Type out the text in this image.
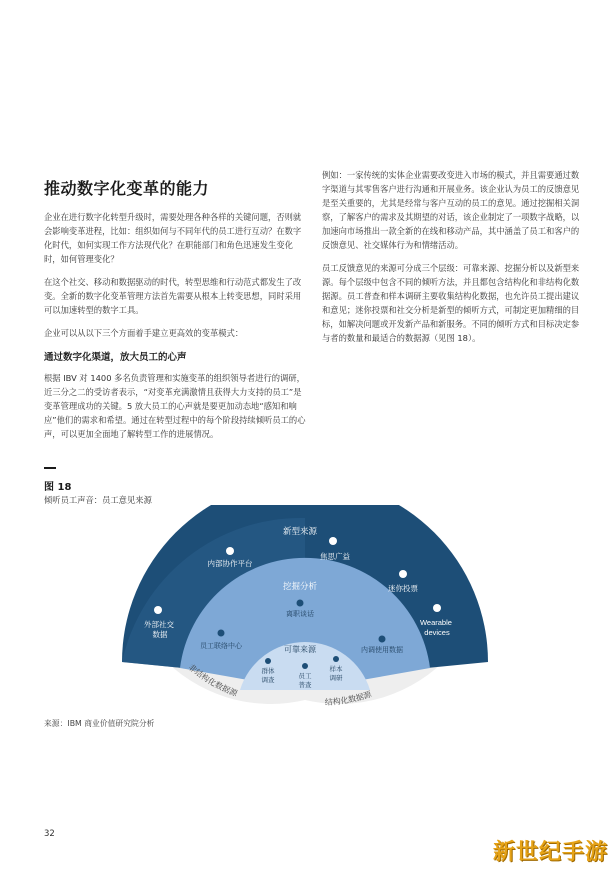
推动数字化变革的能力

企业在进行数字化转型升级时，需要处理各种各样的关键问题，否则就会影响变革进程，比如：组织如何与不同年代的员工进行互动？在数字化时代，如何实现工作方法现代化？在职能部门和角色迅速发生变化时，如何管理变化？

在这个社交、移动和数据驱动的时代，转型思维和行动范式都发生了改变。全新的数字化变革管理方法首先需要从根本上转变思想，同时采用可以加速转型的数字工具。

企业可以从以下三个方面着手建立更高效的变革模式：

通过数字化渠道，放大员工的心声

根据 IBV 对 1400 多名负责管理和实施变革的组织领导者进行的调研，近三分之二的受访者表示，“对变革充满激情且获得大力支持的员工”是变革管理成功的关键。5 放大员工的心声就是要更加动态地“感知和响应”他们的需求和希望。通过在转型过程中的每个阶段持续倾听员工的心声，可以更加全面地了解转型工作的进展情况。

例如：一家传统的实体企业需要改变进入市场的模式，并且需要通过数字渠道与其零售客户进行沟通和开展业务。该企业认为员工的反馈意见是至关重要的，尤其是经常与客户互动的员工的意见。通过挖掘相关洞察，了解客户的需求及其期望的对话，该企业制定了一项数字战略，以加速向市场推出一款全新的在线和移动产品，其中涵盖了员工和客户的反馈意见、社交媒体行为和情绪活动。

员工反馈意见的来源可分成三个层级：可靠来源、挖掘分析以及新型来源。每个层级中包含不同的倾听方法，并且都包含结构化和非结构化数据源。员工普查和样本调研主要收集结构化数据，也允许员工提出建议和意见；迷你投票和社交分析是新型的倾听方式，可制定更加精细的目标，如解决问题或开发新产品和新服务。不同的倾听方式和目标决定参与者的数量和最适合的数据源（见图 18）。

图 18
倾听员工声音：员工意见来源
新型来源
内部协作平台
焦思广益
迷你投票
Wearable devices
外部社交 数据
挖掘分析
离职谈话
员工联络中心
内调使用数据
可靠来源
群体调查
员工普查
样本调研
非结构化数据源
结构化数据源
来源：IBM 商业价值研究院分析
32
新世纪手游
